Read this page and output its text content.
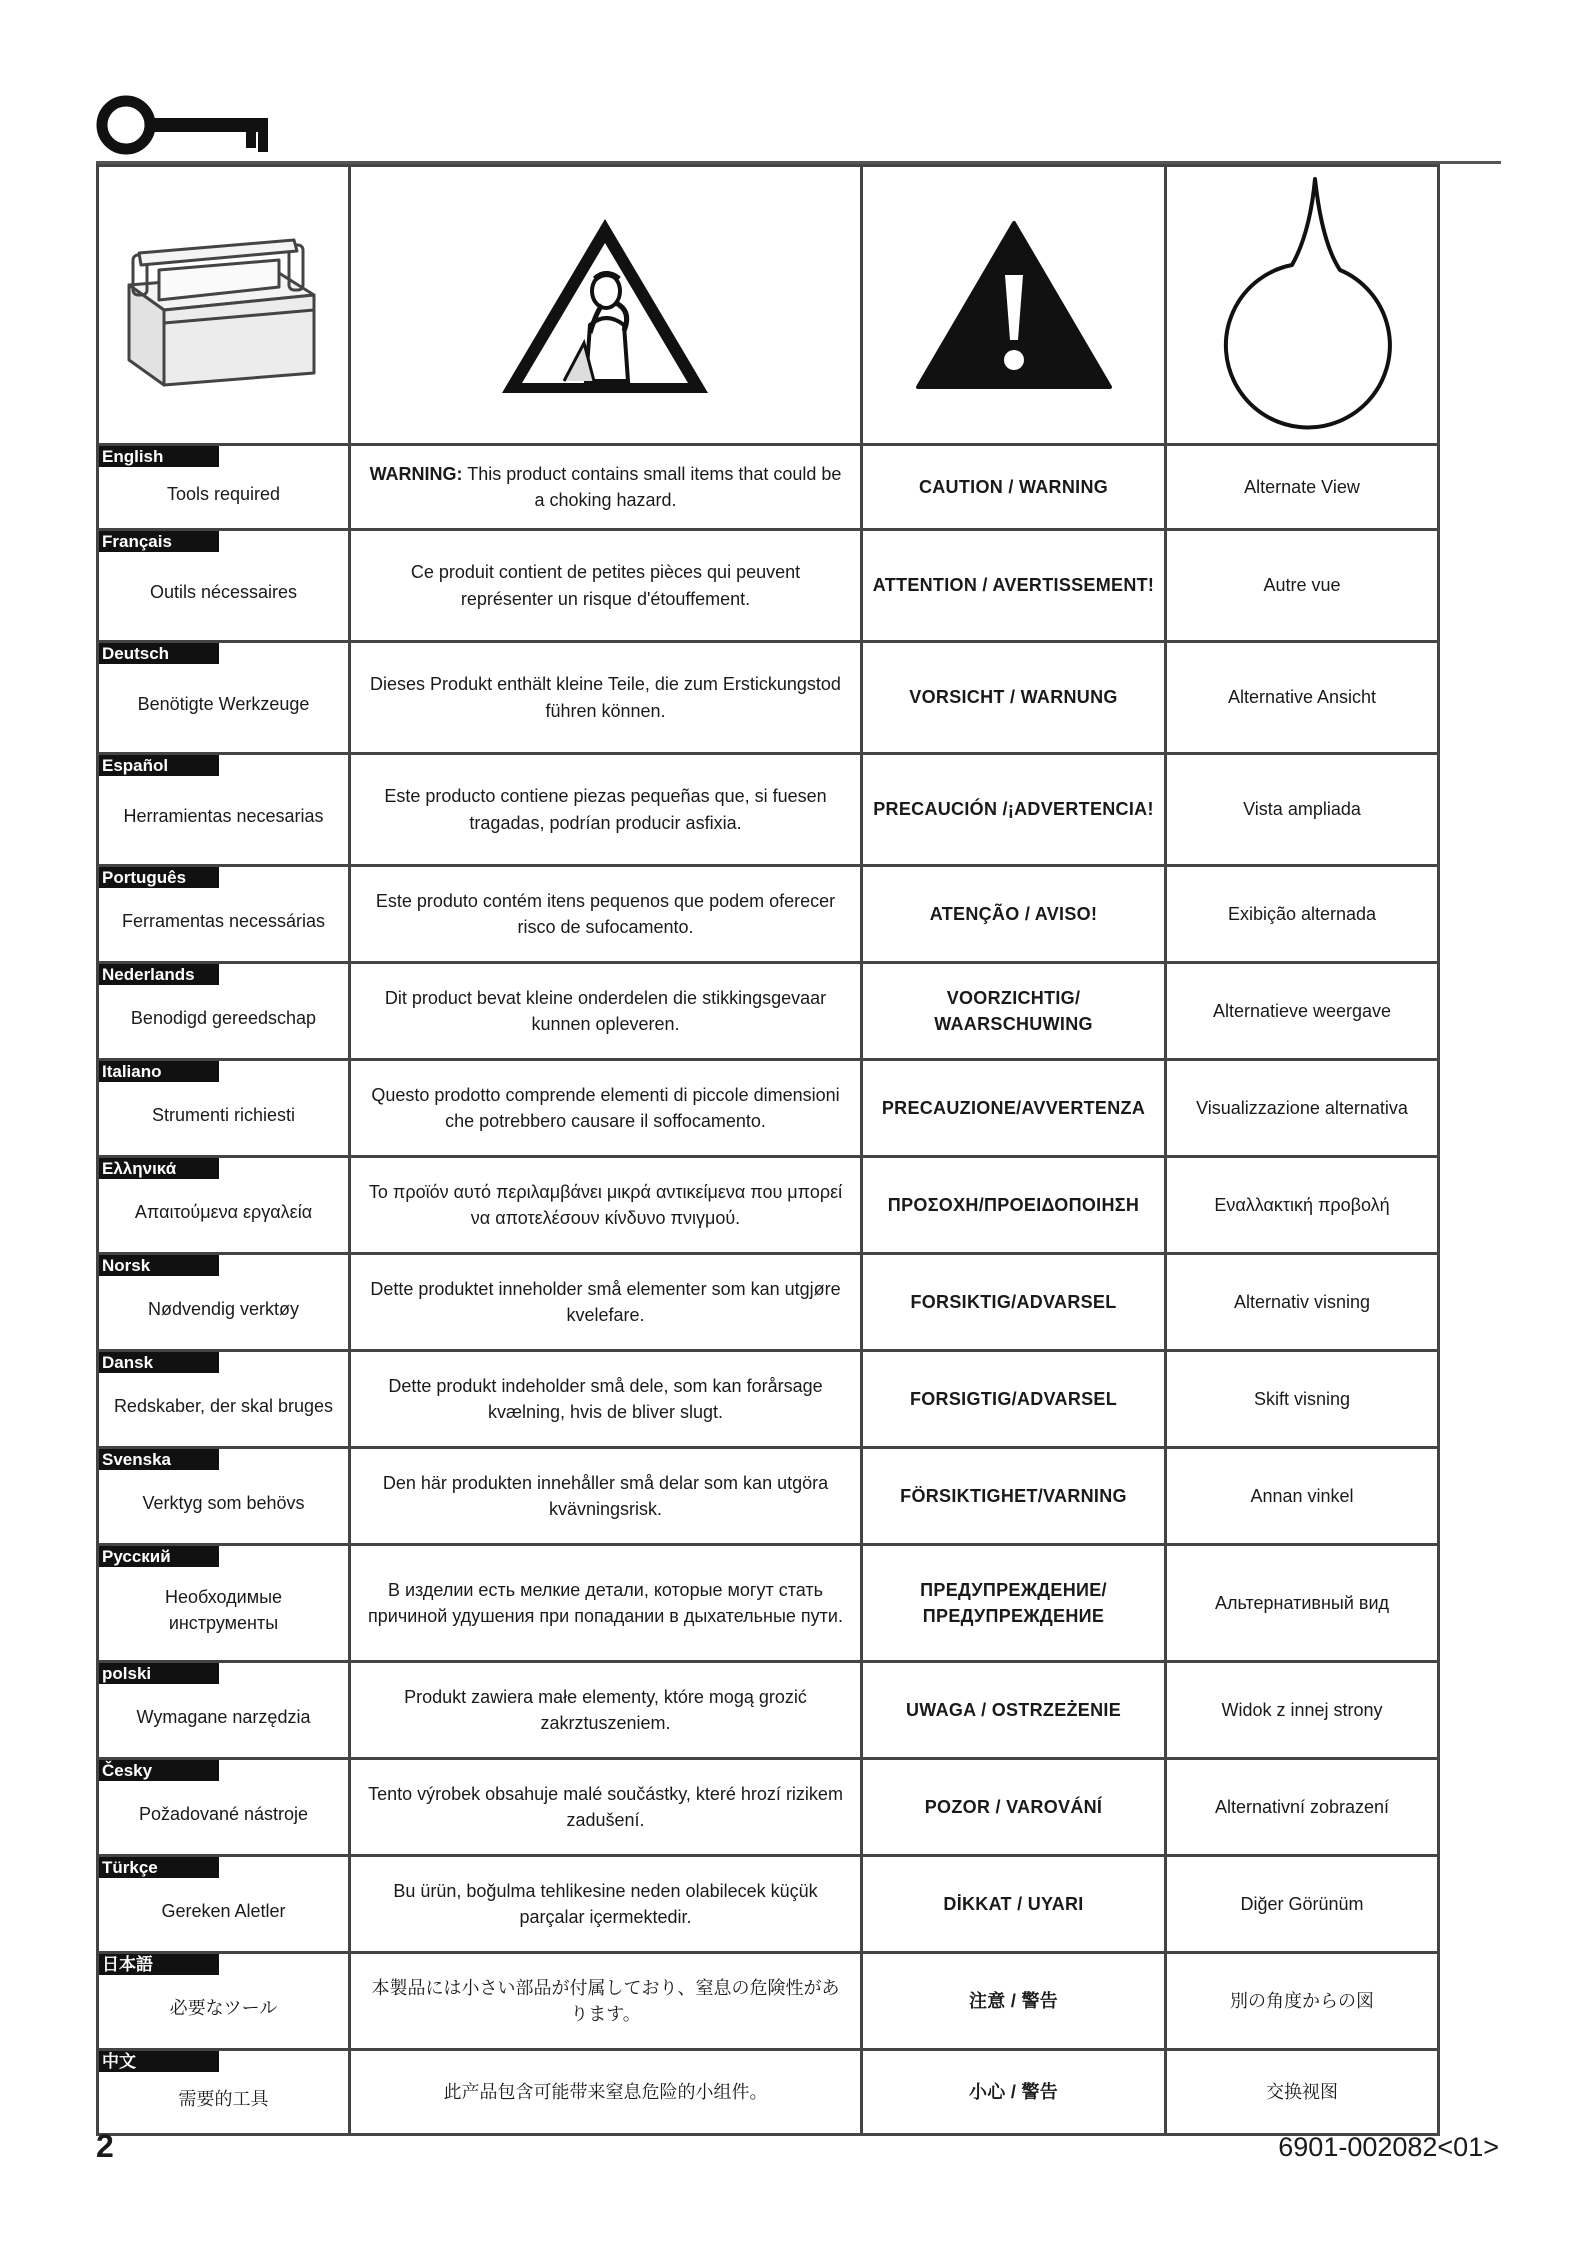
English
Tools required	WARNING: This product contains small items that could be a choking hazard.	CAUTION / WARNING	Alternate View

Français
Outils nécessaires	Ce produit contient de petites pièces qui peuvent représenter un risque d'étouffement.	ATTENTION / AVERTISSEMENT!	Autre vue

Deutsch
Benötigte Werkzeuge	Dieses Produkt enthält kleine Teile, die zum Erstickungstod führen können.	VORSICHT / WARNUNG	Alternative Ansicht

Español
Herramientas necesarias	Este producto contiene piezas pequeñas que, si fuesen tragadas, podrían producir asfixia.	PRECAUCIÓN /¡ADVERTENCIA!	Vista ampliada

Português
Ferramentas necessárias	Este produto contém itens pequenos que podem oferecer risco de sufocamento.	ATENÇÃO / AVISO!	Exibição alternada

Nederlands
Benodigd gereedschap	Dit product bevat kleine onderdelen die stikkingsgevaar kunnen opleveren.	VOORZICHTIG/ WAARSCHUWING	Alternatieve weergave

Italiano
Strumenti richiesti	Questo prodotto comprende elementi di piccole dimensioni che potrebbero causare il soffocamento.	PRECAUZIONE/AVVERTENZA	Visualizzazione alternativa

Ελληνικά
Απαιτούμενα εργαλεία	Το προϊόν αυτό περιλαμβάνει μικρά αντικείμενα που μπορεί να αποτελέσουν κίνδυνο πνιγμού.	ΠΡΟΣΟΧΗ/ΠΡΟΕΙΔΟΠΟΙΗΣΗ	Εναλλακτική προβολή

Norsk
Nødvendig verktøy	Dette produktet inneholder små elementer som kan utgjøre kvelefare.	FORSIKTIG/ADVARSEL	Alternativ visning

Dansk
Redskaber, der skal bruges	Dette produkt indeholder små dele, som kan forårsage kvælning, hvis de bliver slugt.	FORSIGTIG/ADVARSEL	Skift visning

Svenska
Verktyg som behövs	Den här produkten innehåller små delar som kan utgöra kvävningsrisk.	FÖRSIKTIGHET/VARNING	Annan vinkel

Русский
Необходимые инструменты	В изделии есть мелкие детали, которые могут стать причиной удушения при попадании в дыхательные пути.	ПРЕДУПРЕЖДЕНИЕ/ ПРЕДУПРЕЖДЕНИЕ	Альтернативный вид

polski
Wymagane narzędzia	Produkt zawiera małe elementy, które mogą grozić zakrztuszeniem.	UWAGA / OSTRZEŻENIE	Widok z innej strony

Česky
Požadované nástroje	Tento výrobek obsahuje malé součástky, které hrozí rizikem zadušení.	POZOR / VAROVÁNÍ	Alternativní zobrazení

Türkçe
Gereken Aletler	Bu ürün, boğulma tehlikesine neden olabilecek küçük parçalar içermektedir.	DİKKAT / UYARI	Diğer Görünüm

日本語
必要なツール	本製品には小さい部品が付属しており、窒息の危険性があります。	注意 / 警告	別の角度からの図

中文
需要的工具	此产品包含可能带来窒息危险的小组件。	小心 / 警告	交换视图
2	6901-002082<01>
